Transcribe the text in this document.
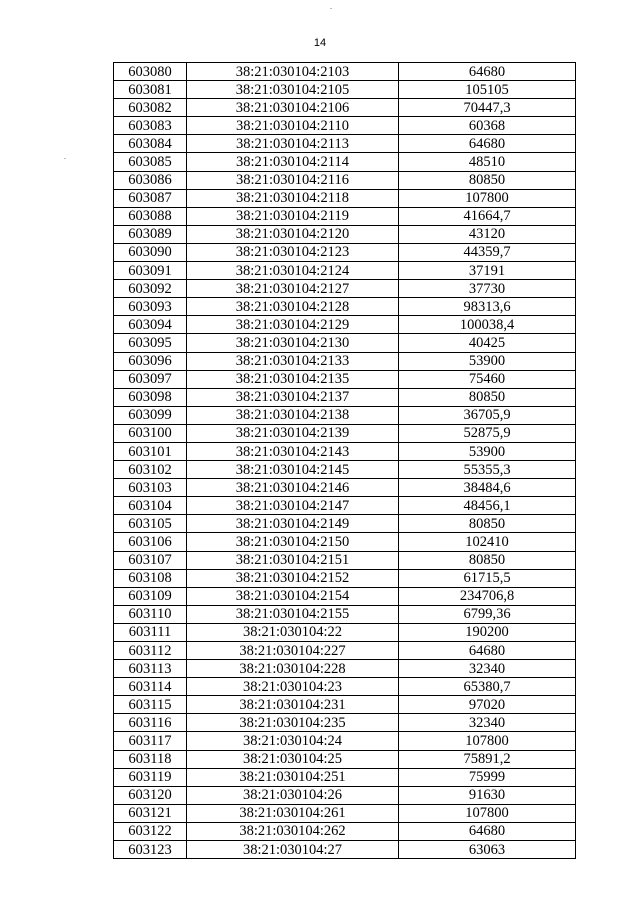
14
603080	38:21:030104:2103	64680
603081	38:21:030104:2105	105105
603082	38:21:030104:2106	70447,3
603083	38:21:030104:2110	60368
603084	38:21:030104:2113	64680
603085	38:21:030104:2114	48510
603086	38:21:030104:2116	80850
603087	38:21:030104:2118	107800
603088	38:21:030104:2119	41664,7
603089	38:21:030104:2120	43120
603090	38:21:030104:2123	44359,7
603091	38:21:030104:2124	37191
603092	38:21:030104:2127	37730
603093	38:21:030104:2128	98313,6
603094	38:21:030104:2129	100038,4
603095	38:21:030104:2130	40425
603096	38:21:030104:2133	53900
603097	38:21:030104:2135	75460
603098	38:21:030104:2137	80850
603099	38:21:030104:2138	36705,9
603100	38:21:030104:2139	52875,9
603101	38:21:030104:2143	53900
603102	38:21:030104:2145	55355,3
603103	38:21:030104:2146	38484,6
603104	38:21:030104:2147	48456,1
603105	38:21:030104:2149	80850
603106	38:21:030104:2150	102410
603107	38:21:030104:2151	80850
603108	38:21:030104:2152	61715,5
603109	38:21:030104:2154	234706,8
603110	38:21:030104:2155	6799,36
603111	38:21:030104:22	190200
603112	38:21:030104:227	64680
603113	38:21:030104:228	32340
603114	38:21:030104:23	65380,7
603115	38:21:030104:231	97020
603116	38:21:030104:235	32340
603117	38:21:030104:24	107800
603118	38:21:030104:25	75891,2
603119	38:21:030104:251	75999
603120	38:21:030104:26	91630
603121	38:21:030104:261	107800
603122	38:21:030104:262	64680
603123	38:21:030104:27	63063
